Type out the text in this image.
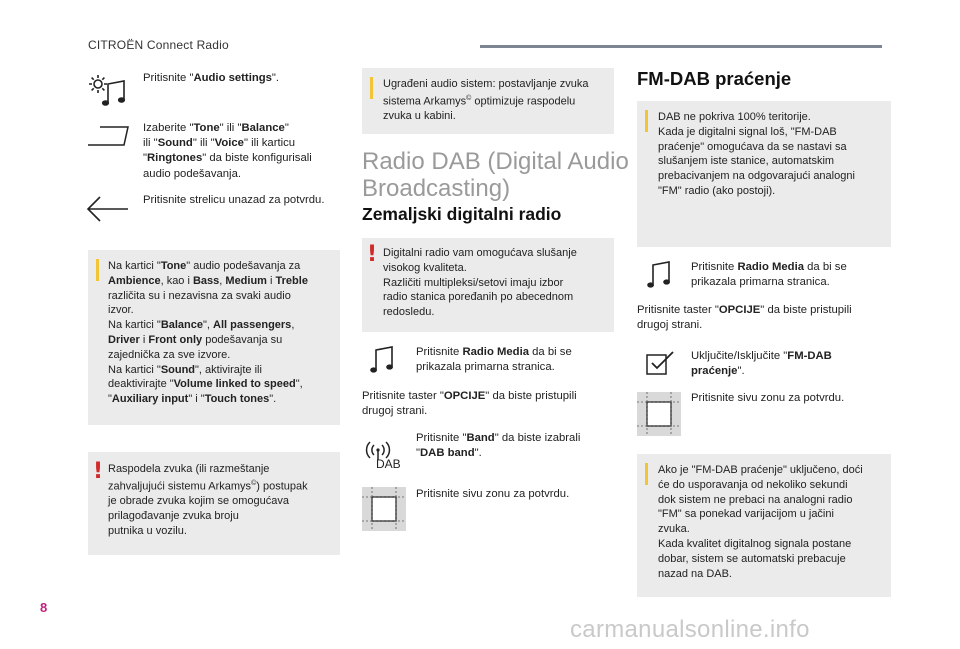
CITROËN Connect Radio
Pritisnite "Audio settings".
Izaberite "Tone" ili "Balance"
ili "Sound" ili "Voice" ili karticu
"Ringtones" da biste konfigurisali
audio podešavanja.
Pritisnite strelicu unazad za potvrdu.
Na kartici "Tone" audio podešavanja za
Ambience, kao i Bass, Medium i Treble
različita su i nezavisna za svaki audio
izvor.
Na kartici "Balance", All passengers,
Driver i Front only podešavanja su
zajednička za sve izvore.
Na kartici "Sound", aktivirajte ili
deaktivirajte "Volume linked to speed",
"Auxiliary input" i "Touch tones".
! Raspodela zvuka (ili razmeštanje
zahvaljujući sistemu Arkamys©) postupak
je obrade zvuka kojim se omogućava
prilagođavanje zvuka broju
putnika u vozilu.
Ugrađeni audio sistem: postavljanje zvuka
sistema Arkamys© optimizuje raspodelu
zvuka u kabini.
Radio DAB (Digital Audio
Broadcasting)
Zemaljski digitalni radio
! Digitalni radio vam omogućava slušanje
visokog kvaliteta.
Različiti multipleksi/setovi imaju izbor
radio stanica poređanih po abecednom
redosledu.
Pritisnite Radio Media da bi se
prikazala primarna stranica.
Pritisnite taster "OPCIJE" da biste pristupili
drugoj strani.
DAB
Pritisnite "Band" da biste izabrali
"DAB band".
Pritisnite sivu zonu za potvrdu.
FM-DAB praćenje
DAB ne pokriva 100% teritorije.
Kada je digitalni signal loš, "FM-DAB
praćenje" omogućava da se nastavi sa
slušanjem iste stanice, automatskim
prebacivanjem na odgovarajući analogni
"FM" radio (ako postoji).
Pritisnite Radio Media da bi se
prikazala primarna stranica.
Pritisnite taster "OPCIJE" da biste pristupili
drugoj strani.
Uključite/Isključite "FM-DAB
praćenje".
Pritisnite sivu zonu za potvrdu.
Ako je "FM-DAB praćenje" uključeno, doći
će do usporavanja od nekoliko sekundi
dok sistem ne prebaci na analogni radio
"FM" sa ponekad varijacijom u jačini
zvuka.
Kada kvalitet digitalnog signala postane
dobar, sistem se automatski prebacuje
nazad na DAB.
8
carmanualsonline.info
